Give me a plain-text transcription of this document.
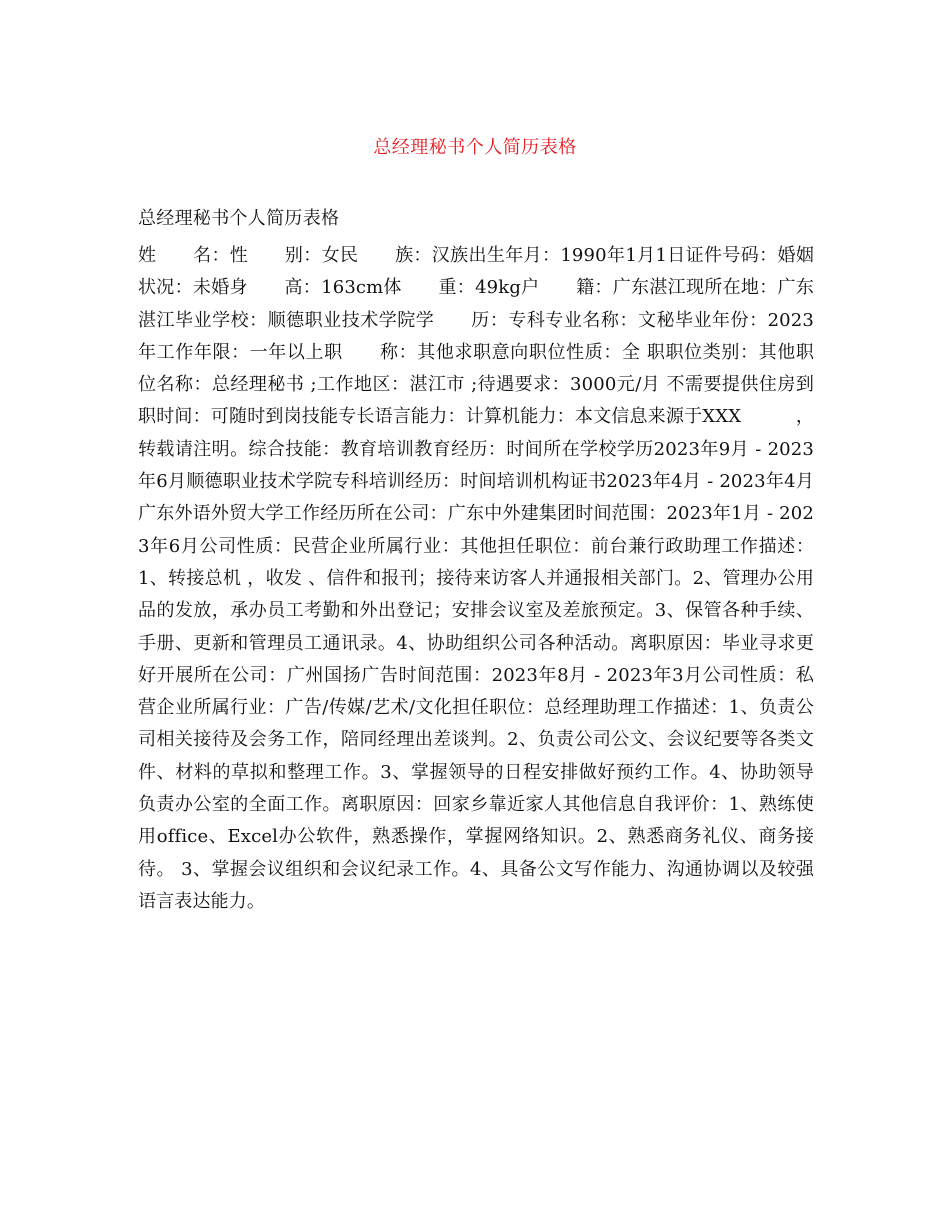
总经理秘书个人简历表格
总经理秘书个人简历表格
姓　　名：性　　别：女民　　族：汉族出生年月：1990年1月1日证件号码：婚姻状况：未婚身　　高：163cm体　　重：49kg户　　籍：广东湛江现所在地：广东湛江毕业学校：顺德职业技术学院学　　历：专科专业名称：文秘毕业年份：2023年工作年限：一年以上职　　称：其他求职意向职位性质：全 职职位类别：其他职位名称：总经理秘书 ;工作地区：湛江市 ;待遇要求：3000元/月 不需要提供住房到职时间：可随时到岗技能专长语言能力：计算机能力：本文信息来源于XXX　　　，转载请注明。综合技能：教育培训教育经历：时间所在学校学历2023年9月 - 2023年6月顺德职业技术学院专科培训经历：时间培训机构证书2023年4月 - 2023年4月广东外语外贸大学工作经历所在公司：广东中外建集团时间范围：2023年1月 - 2023年6月公司性质：民营企业所属行业：其他担任职位：前台兼行政助理工作描述：1、转接总机 ，收发 、信件和报刊；接待来访客人并通报相关部门。2、管理办公用品的发放，承办员工考勤和外出登记；安排会议室及差旅预定。3、保管各种手续、手册、更新和管理员工通讯录。4、协助组织公司各种活动。离职原因：毕业寻求更好开展所在公司：广州国扬广告时间范围：2023年8月 - 2023年3月公司性质：私营企业所属行业：广告/传媒/艺术/文化担任职位：总经理助理工作描述：1、负责公司相关接待及会务工作，陪同经理出差谈判。2、负责公司公文、会议纪要等各类文件、材料的草拟和整理工作。3、掌握领导的日程安排做好预约工作。4、协助领导负责办公室的全面工作。离职原因：回家乡靠近家人其他信息自我评价：1、熟练使用office、Excel办公软件，熟悉操作，掌握网络知识。2、熟悉商务礼仪、商务接待。 3、掌握会议组织和会议纪录工作。4、具备公文写作能力、沟通协调以及较强语言表达能力。
